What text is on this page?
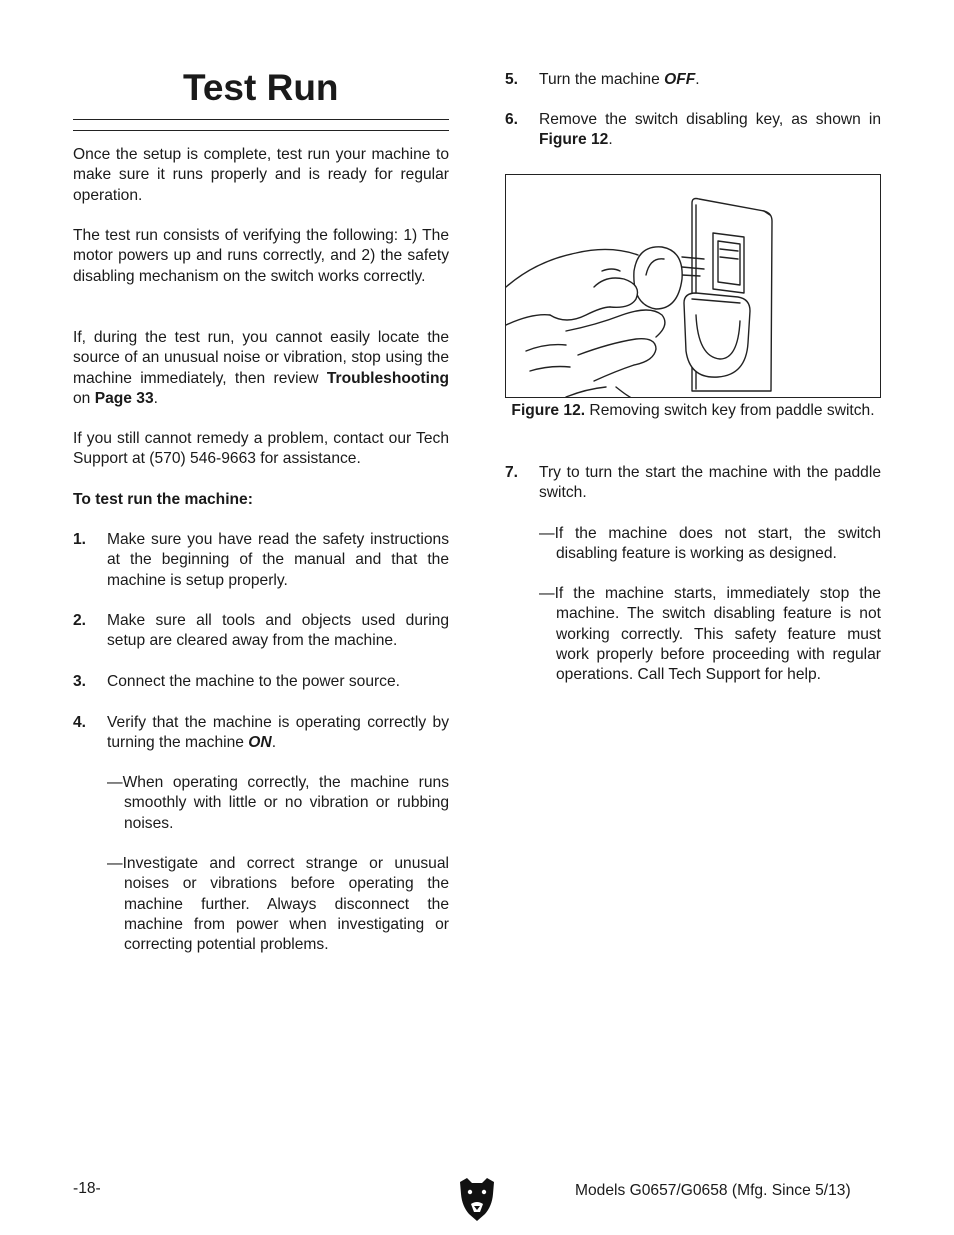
Test Run

Once the setup is complete, test run your machine to make sure it runs properly and is ready for regular operation.

The test run consists of verifying the following: 1) The motor powers up and runs correctly, and 2) the safety disabling mechanism on the switch works correctly.

If, during the test run, you cannot easily locate the source of an unusual noise or vibration, stop using the machine immediately, then review Troubleshooting on Page 33.

If you still cannot remedy a problem, contact our Tech Support at (570) 546-9663 for assistance.

To test run the machine:

1. Make sure you have read the safety instructions at the beginning of the manual and that the machine is setup properly.

2. Make sure all tools and objects used during setup are cleared away from the machine.

3. Connect the machine to the power source.

4. Verify that the machine is operating correctly by turning the machine ON.

—When operating correctly, the machine runs smoothly with little or no vibration or rubbing noises.

—Investigate and correct strange or unusual noises or vibrations before operating the machine further. Always disconnect the machine from power when investigating or correcting potential problems.

5. Turn the machine OFF.

6. Remove the switch disabling key, as shown in Figure 12.

7. Try to turn the start the machine with the paddle switch.

—If the machine does not start, the switch disabling feature is working as designed.

—If the machine starts, immediately stop the machine. The switch disabling feature is not working correctly. This safety feature must work properly before proceeding with regular operations. Call Tech Support for help.

Figure 12. Removing switch key from paddle switch.

-18-	Models G0657/G0658 (Mfg. Since 5/13)
